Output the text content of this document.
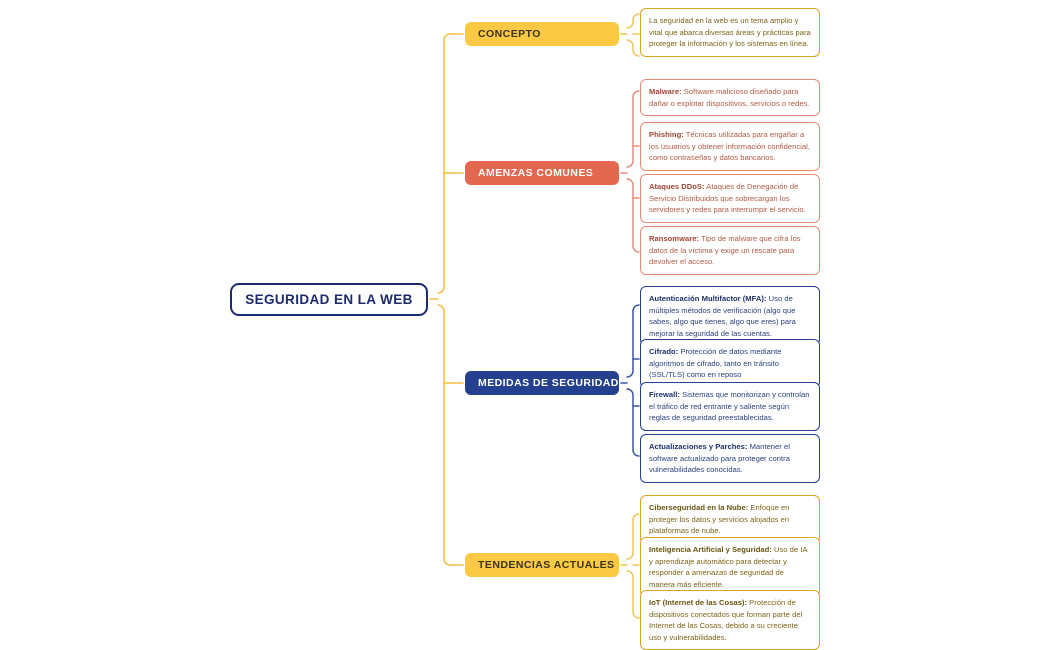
SEGURIDAD EN LA WEB
CONCEPTO
AMENZAS COMUNES
MEDIDAS DE SEGURIDAD
TENDENCIAS ACTUALES
La seguridad en la web es un tema amplio y vital que abarca diversas áreas y prácticas para proteger la información y los sistemas en línea.
Malware: Software malicioso diseñado para dañar o explotar dispositivos, servicios o redes.
Phishing: Técnicas utilizadas para engañar a los usuarios y obtener información confidencial, como contraseñas y datos bancarios.
Ataques DDoS: Ataques de Denegación de Servicio Distribuidos que sobrecargan los servidores y redes para interrumpir el servicio.
Ransomware: Tipo de malware que cifra los datos de la víctima y exige un rescate para devolver el acceso.
Autenticación Multifactor (MFA): Uso de múltiples métodos de verificación (algo que sabes, algo que tienes, algo que eres) para mejorar la seguridad de las cuentas.
Cifrado: Protección de datos mediante algoritmos de cifrado, tanto en tránsito (SSL/TLS) como en reposo
Firewall: Sistemas que monitorizan y controlan el tráfico de red entrante y saliente según reglas de seguridad preestablecidas.
Actualizaciones y Parches: Mantener el software actualizado para proteger contra vulnerabilidades conocidas.
Ciberseguridad en la Nube: Enfoque en proteger los datos y servicios alojados en plataformas de nube.
Inteligencia Artificial y Seguridad: Uso de IA y aprendizaje automático para detectar y responder a amenazas de seguridad de manera más eficiente.
IoT (Internet de las Cosas): Protección de dispositivos conectados que forman parte del Internet de las Cosas, debido a su creciente uso y vulnerabilidades.
